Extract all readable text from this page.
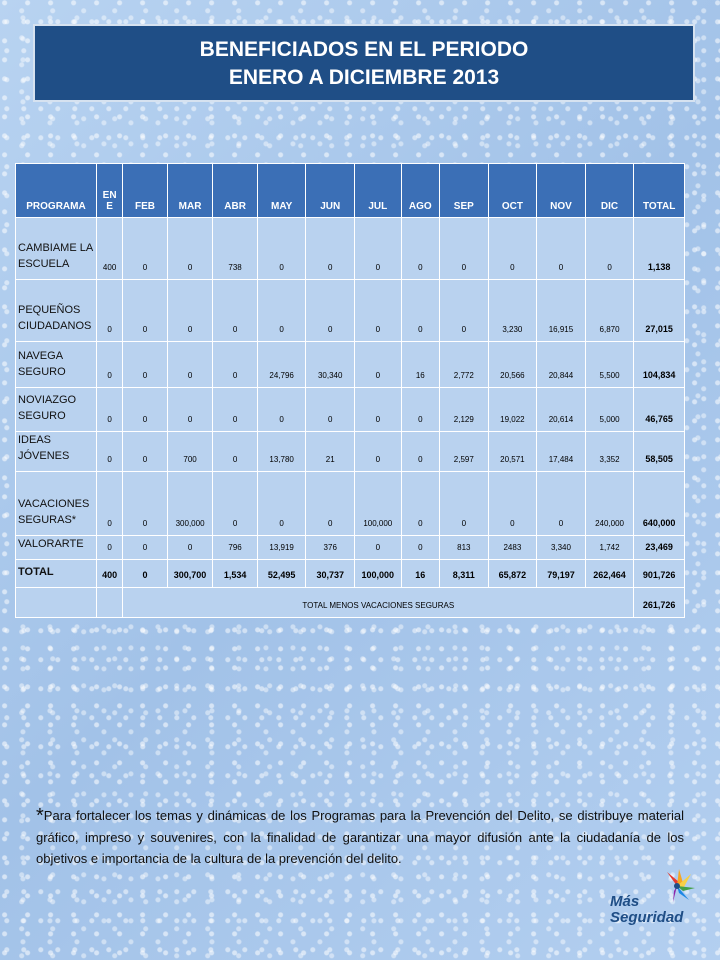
BENEFICIADOS EN EL PERIODO
ENERO A DICIEMBRE 2013
PROGRAMA	EN E	FEB	MAR	ABR	MAY	JUN	JUL	AGO	SEP	OCT	NOV	DIC	TOTAL
CAMBIAME LA ESCUELA	400	0	0	738	0	0	0	0	0	0	0	0	1,138
PEQUEÑOS CIUDADANOS	0	0	0	0	0	0	0	0	0	3,230	16,915	6,870	27,015
NAVEGA SEGURO	0	0	0	0	24,796	30,340	0	16	2,772	20,566	20,844	5,500	104,834
NOVIAZGO SEGURO	0	0	0	0	0	0	0	0	2,129	19,022	20,614	5,000	46,765
IDEAS JÓVENES	0	0	700	0	13,780	21	0	0	2,597	20,571	17,484	3,352	58,505
VACACIONES SEGURAS*	0	0	300,000	0	0	0	100,000	0	0	0	0	240,000	640,000
VALORARTE	0	0	0	796	13,919	376	0	0	813	2483	3,340	1,742	23,469
TOTAL	400	0	300,700	1,534	52,495	30,737	100,000	16	8,311	65,872	79,197	262,464	901,726
		TOTAL MENOS VACACIONES SEGURAS											261,726
*Para fortalecer los temas y dinámicas de los Programas para la Prevención del Delito, se distribuye material gráfico, impreso y souvenires, con la finalidad de garantizar una mayor difusión ante la ciudadanía de los objetivos e importancia de la cultura de la prevención del delito.
Más
Seguridad
